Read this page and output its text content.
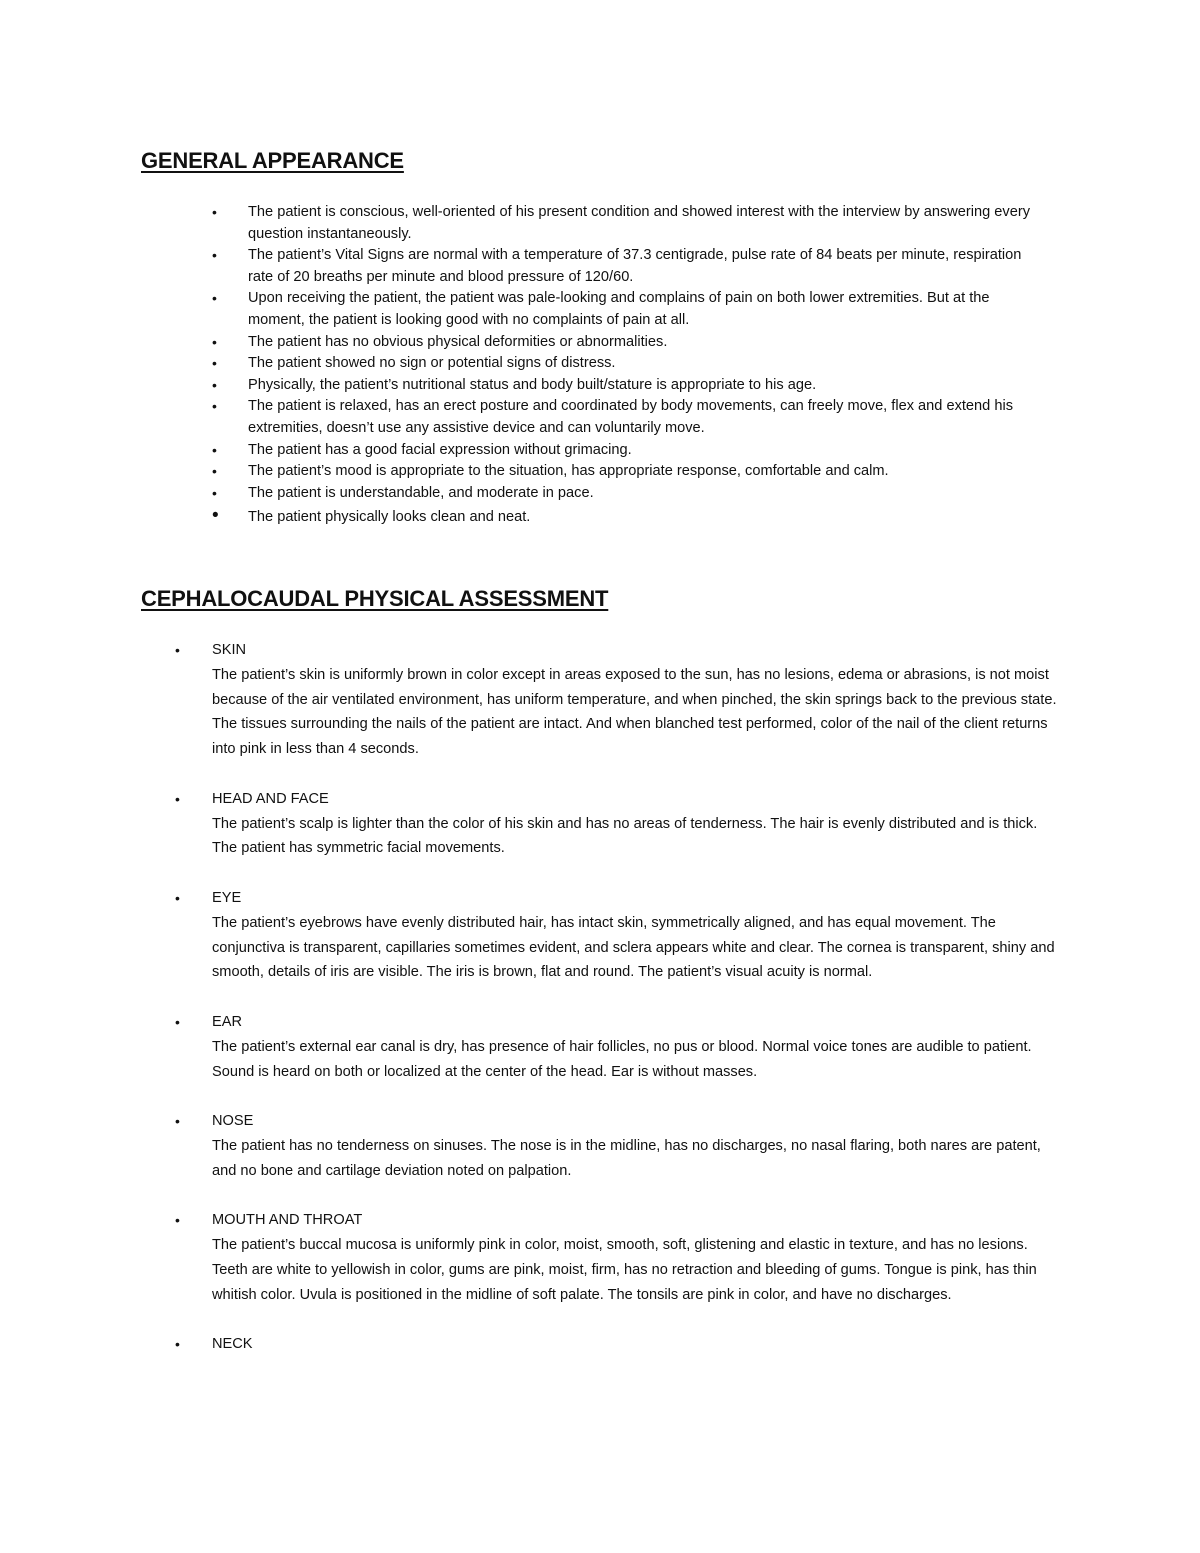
GENERAL APPEARANCE
• The patient is conscious, well-oriented of his present condition and showed interest with the interview by answering every question instantaneously.
• The patient’s Vital Signs are normal with a temperature of 37.3 centigrade, pulse rate of 84 beats per minute, respiration rate of 20 breaths per minute and blood pressure of 120/60.
• Upon receiving the patient, the patient was pale-looking and complains of pain on both lower extremities. But at the moment, the patient is looking good with no complaints of pain at all.
• The patient has no obvious physical deformities or abnormalities.
• The patient showed no sign or potential signs of distress.
• Physically, the patient’s nutritional status and body built/stature is appropriate to his age.
• The patient is relaxed, has an erect posture and coordinated by body movements, can freely move, flex and extend his extremities, doesn’t use any assistive device and can voluntarily move.
• The patient has a good facial expression without grimacing.
• The patient’s mood is appropriate to the situation, has appropriate response, comfortable and calm.
• The patient is understandable, and moderate in pace.
• The patient physically looks clean and neat.
CEPHALOCAUDAL PHYSICAL ASSESSMENT
• SKIN
The patient’s skin is uniformly brown in color except in areas exposed to the sun, has no lesions, edema or abrasions, is not moist because of the air ventilated environment, has uniform temperature, and when pinched, the skin springs back to the previous state. The tissues surrounding the nails of the patient are intact. And when blanched test performed, color of the nail of the client returns into pink in less than 4 seconds.
• HEAD AND FACE
The patient’s scalp is lighter than the color of his skin and has no areas of tenderness. The hair is evenly distributed and is thick. The patient has symmetric facial movements.
• EYE
The patient’s eyebrows have evenly distributed hair, has intact skin, symmetrically aligned, and has equal movement. The conjunctiva is transparent, capillaries sometimes evident, and sclera appears white and clear. The cornea is transparent, shiny and smooth, details of iris are visible. The iris is brown, flat and round. The patient’s visual acuity is normal.
• EAR
The patient’s external ear canal is dry, has presence of hair follicles, no pus or blood. Normal voice tones are audible to patient. Sound is heard on both or localized at the center of the head. Ear is without masses.
• NOSE
The patient has no tenderness on sinuses. The nose is in the midline, has no discharges, no nasal flaring, both nares are patent, and no bone and cartilage deviation noted on palpation.
• MOUTH AND THROAT
The patient’s buccal mucosa is uniformly pink in color, moist, smooth, soft, glistening and elastic in texture, and has no lesions. Teeth are white to yellowish in color, gums are pink, moist, firm, has no retraction and bleeding of gums. Tongue is pink, has thin whitish color. Uvula is positioned in the midline of soft palate. The tonsils are pink in color, and have no discharges.
• NECK
